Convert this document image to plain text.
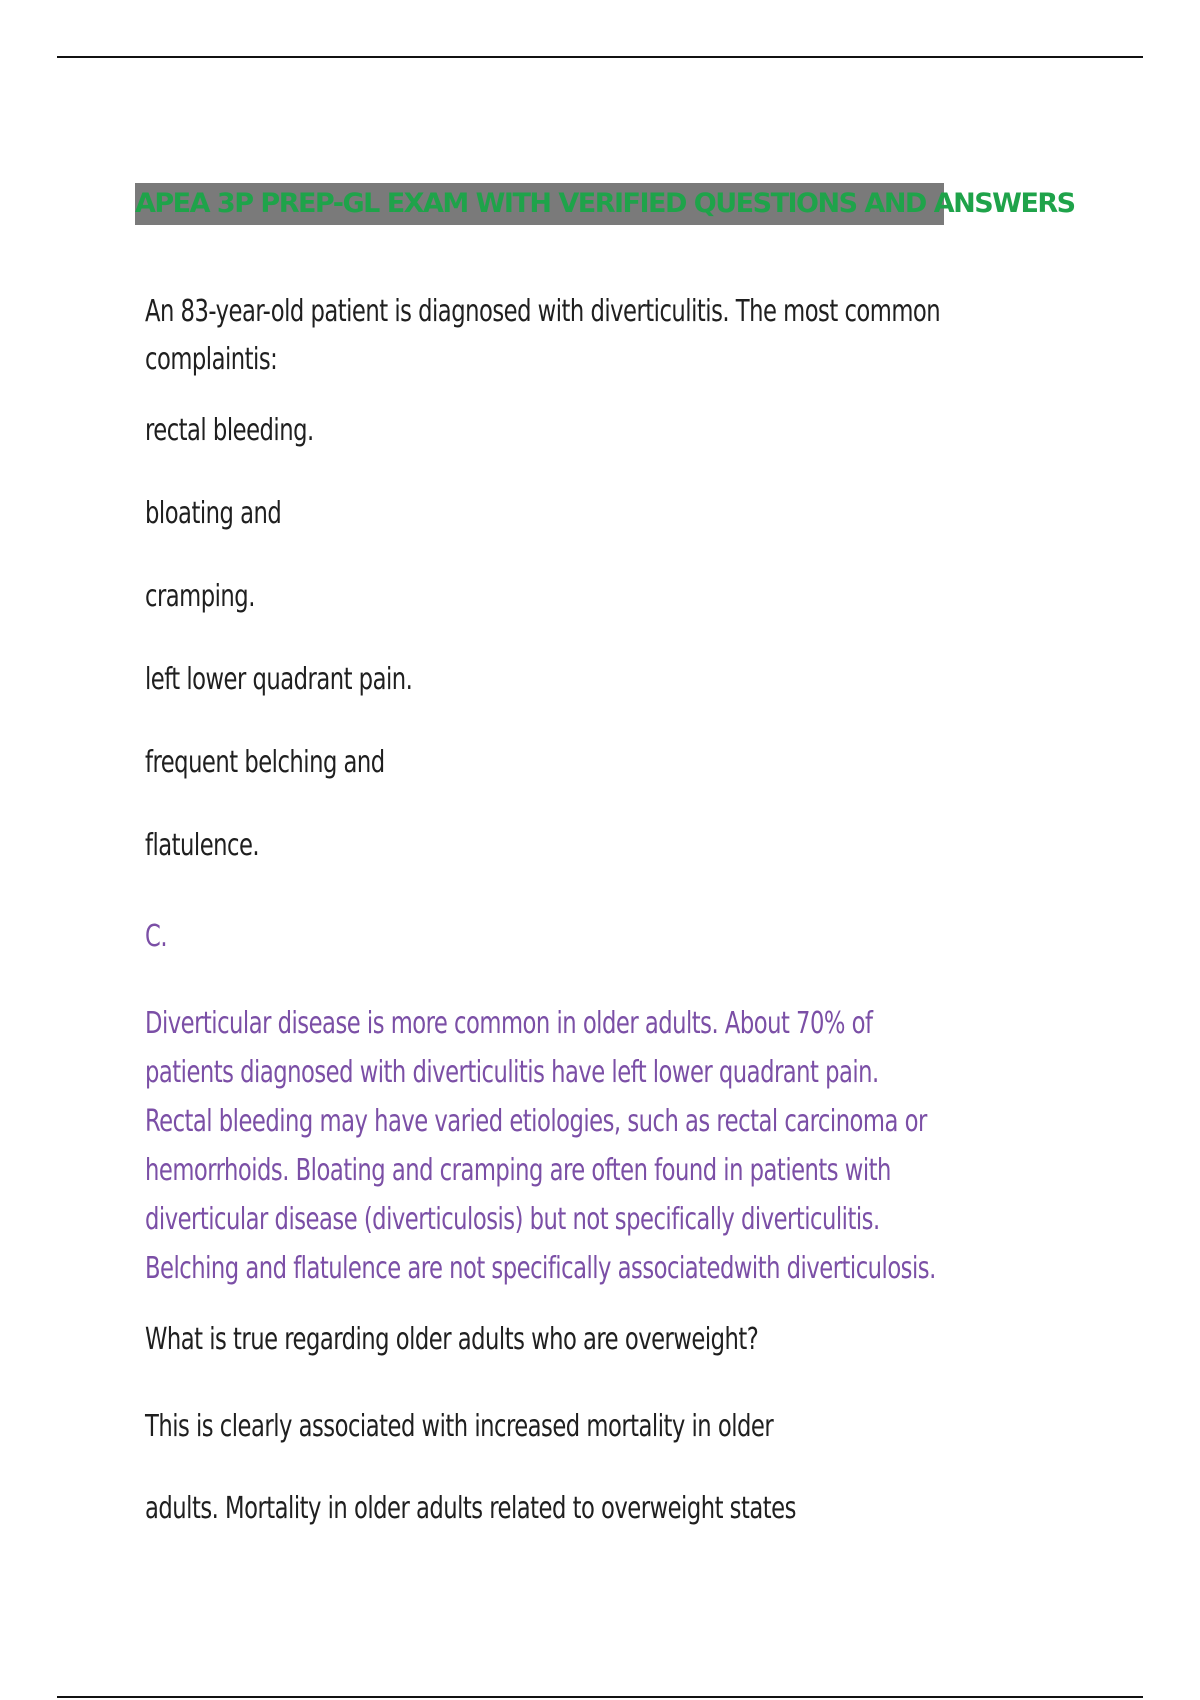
APEA 3P PREP-GL EXAM WITH VERIFIED QUESTIONS AND ANSWERS

An 83-year-old patient is diagnosed with diverticulitis. The most common

complaintis:

rectal bleeding.

bloating and

cramping.

left lower quadrant pain.

frequent belching and

flatulence.

C.

Diverticular disease is more common in older adults. About 70% of

patients diagnosed with diverticulitis have left lower quadrant pain.

Rectal bleeding may have varied etiologies, such as rectal carcinoma or

hemorrhoids. Bloating and cramping are often found in patients with

diverticular disease (diverticulosis) but not specifically diverticulitis.

Belching and flatulence are not specifically associatedwith diverticulosis.

What is true regarding older adults who are overweight?

This is clearly associated with increased mortality in older

adults. Mortality in older adults related to overweight states
